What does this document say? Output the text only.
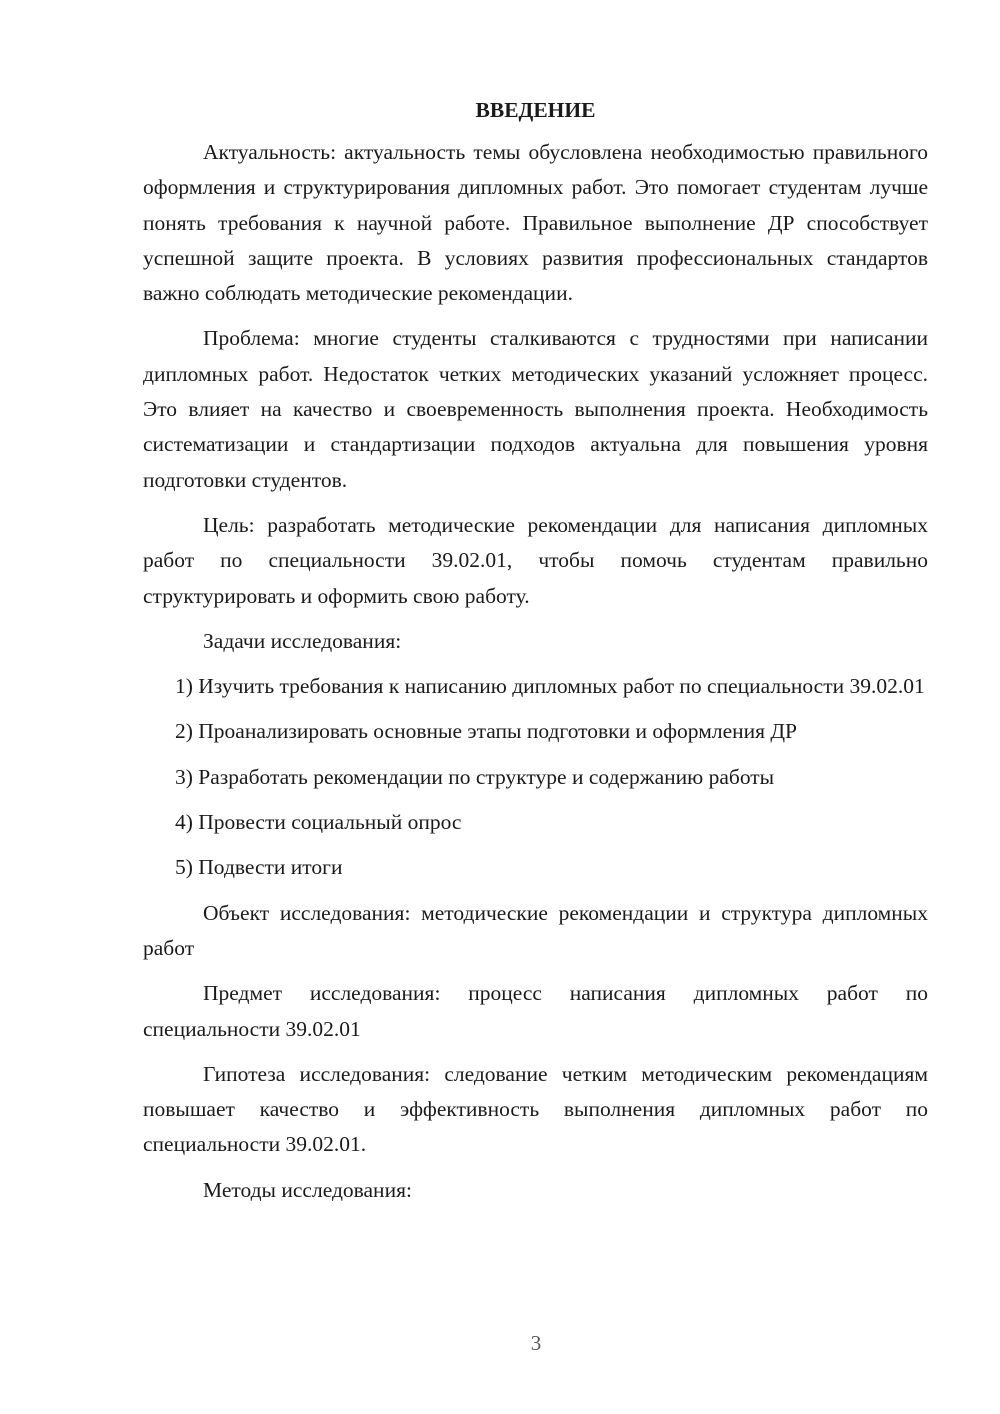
ВВЕДЕНИЕ
Актуальность: актуальность темы обусловлена необходимостью правильного оформления и структурирования дипломных работ. Это помогает студентам лучше понять требования к научной работе. Правильное выполнение ДР способствует успешной защите проекта. В условиях развития профессиональных стандартов важно соблюдать методические рекомендации.
Проблема: многие студенты сталкиваются с трудностями при написании дипломных работ. Недостаток четких методических указаний усложняет процесс. Это влияет на качество и своевременность выполнения проекта. Необходимость систематизации и стандартизации подходов актуальна для повышения уровня подготовки студентов.
Цель: разработать методические рекомендации для написания дипломных работ по специальности 39.02.01, чтобы помочь студентам правильно структурировать и оформить свою работу.
Задачи исследования:
1) Изучить требования к написанию дипломных работ по специальности 39.02.01
2) Проанализировать основные этапы подготовки и оформления ДР
3) Разработать рекомендации по структуре и содержанию работы
4) Провести социальный опрос
5) Подвести итоги
Объект исследования: методические рекомендации и структура дипломных работ
Предмет исследования: процесс написания дипломных работ по специальности 39.02.01
Гипотеза исследования: следование четким методическим рекомендациям повышает качество и эффективность выполнения дипломных работ по специальности 39.02.01.
Методы исследования:
3
